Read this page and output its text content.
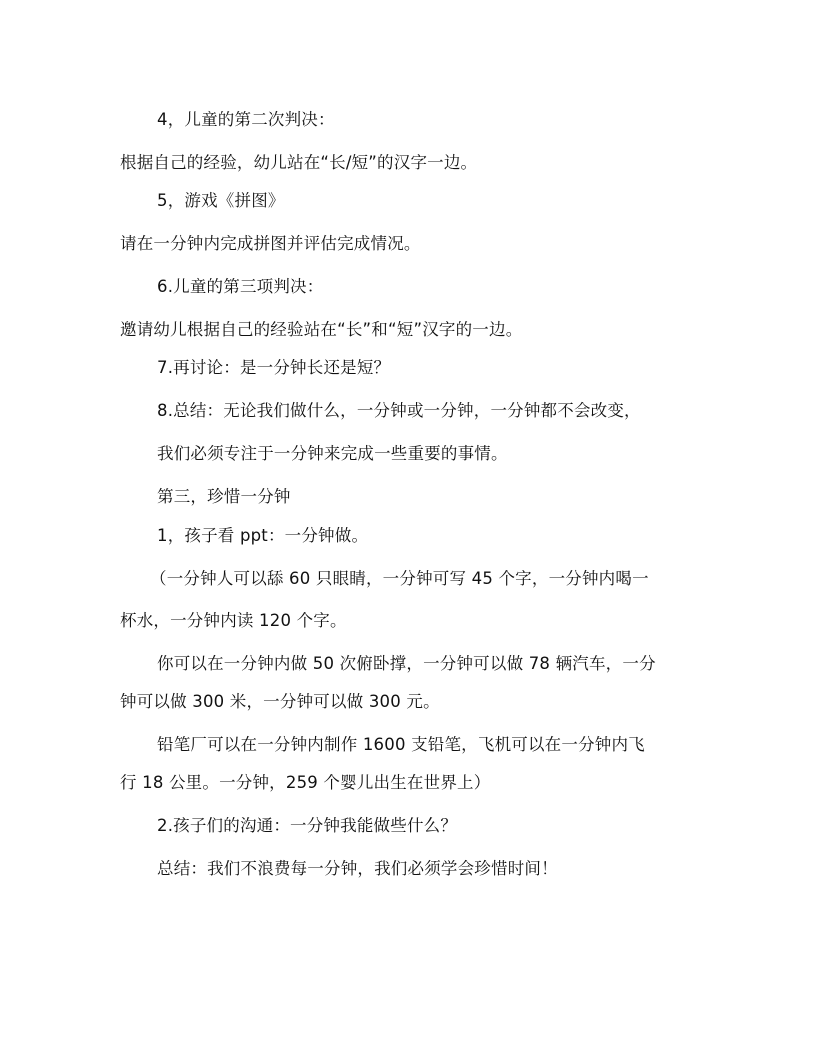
4，儿童的第二次判决：
根据自己的经验，幼儿站在“长/短”的汉字一边。
5，游戏《拼图》
请在一分钟内完成拼图并评估完成情况。
6.儿童的第三项判决：
邀请幼儿根据自己的经验站在“长”和“短”汉字的一边。
7.再讨论：是一分钟长还是短？
8.总结：无论我们做什么，一分钟或一分钟，一分钟都不会改变，
我们必须专注于一分钟来完成一些重要的事情。
第三，珍惜一分钟
1，孩子看 ppt：一分钟做。
（一分钟人可以舔 60 只眼睛，一分钟可写 45 个字，一分钟内喝一
杯水，一分钟内读 120 个字。
你可以在一分钟内做 50 次俯卧撑，一分钟可以做 78 辆汽车，一分
钟可以做 300 米，一分钟可以做 300 元。
铅笔厂可以在一分钟内制作 1600 支铅笔，飞机可以在一分钟内飞
行 18 公里。一分钟，259 个婴儿出生在世界上）
2.孩子们的沟通：一分钟我能做些什么？
总结：我们不浪费每一分钟，我们必须学会珍惜时间！
